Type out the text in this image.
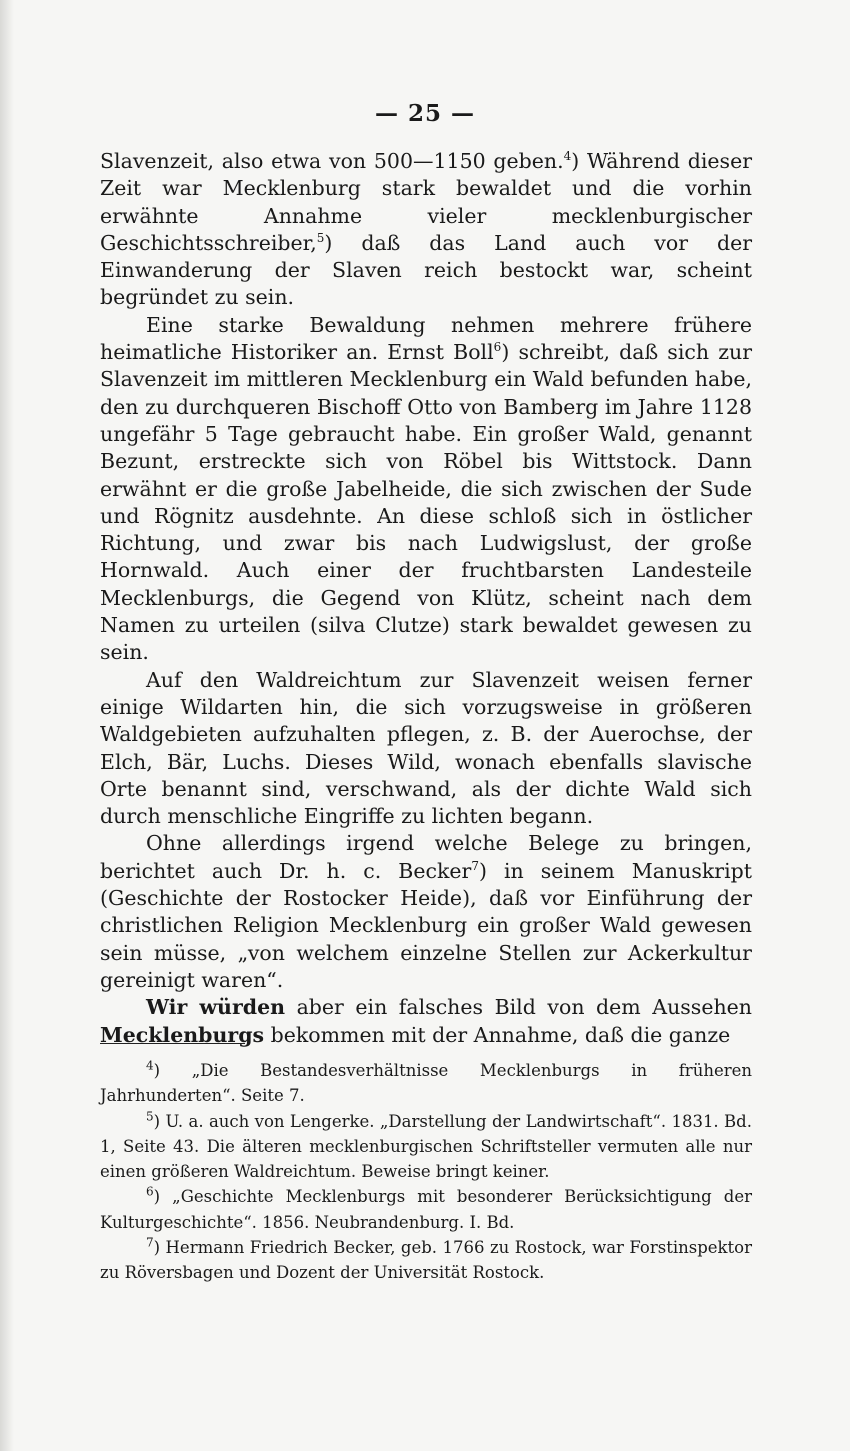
— 25 —

Slavenzeit, also etwa von 500—1150 geben.$^4$) Während dieser Zeit war Mecklenburg stark bewaldet und die vorhin erwähnte Annahme vieler mecklenburgischer Geschichtsschreiber,$^5$) daß das Land auch vor der Einwanderung der Slaven reich bestockt war, scheint begründet zu sein.

Eine starke Bewaldung nehmen mehrere frühere heimatliche Historiker an. Ernst Boll$^6$) schreibt, daß sich zur Slavenzeit im mittleren Mecklenburg ein Wald befunden habe, den zu durchqueren Bischoff Otto von Bamberg im Jahre 1128 ungefähr 5 Tage gebraucht habe. Ein großer Wald, genannt Bezunt, erstreckte sich von Röbel bis Wittstock. Dann erwähnt er die große Jabelheide, die sich zwischen der Sude und Rögnitz ausdehnte. An diese schloß sich in östlicher Richtung, und zwar bis nach Ludwigslust, der große Hornwald. Auch einer der fruchtbarsten Landesteile Mecklenburgs, die Gegend von Klütz, scheint nach dem Namen zu urteilen (silva Clutze) stark bewaldet gewesen zu sein.

Auf den Waldreichtum zur Slavenzeit weisen ferner einige Wildarten hin, die sich vorzugsweise in größeren Waldgebieten aufzuhalten pflegen, z. B. der Auerochse, der Elch, Bär, Luchs. Dieses Wild, wonach ebenfalls slavische Orte benannt sind, verschwand, als der dichte Wald sich durch menschliche Eingriffe zu lichten begann.

Ohne allerdings irgend welche Belege zu bringen, berichtet auch Dr. h. c. Becker$^7$) in seinem Manuskript (Geschichte der Rostocker Heide), daß vor Einführung der christlichen Religion Mecklenburg ein großer Wald gewesen sein müsse, „von welchem einzelne Stellen zur Ackerkultur gereinigt waren“.

Wir würden aber ein falsches Bild von dem Aussehen Mecklenburgs bekommen mit der Annahme, daß die ganze

$^4$) „Die Bestandesverhältnisse Mecklenburgs in früheren Jahrhunderten“. Seite 7.

$^5$) U. a. auch von Lengerke. „Darstellung der Landwirtschaft“. 1831. Bd. 1, Seite 43. Die älteren mecklenburgischen Schriftsteller vermuten alle nur einen größeren Waldreichtum. Beweise bringt keiner.

$^6$) „Geschichte Mecklenburgs mit besonderer Berücksichtigung der Kulturgeschichte“. 1856. Neubrandenburg. I. Bd.

$^7$) Hermann Friedrich Becker, geb. 1766 zu Rostock, war Forstinspektor zu Röversbagen und Dozent der Universität Rostock.
